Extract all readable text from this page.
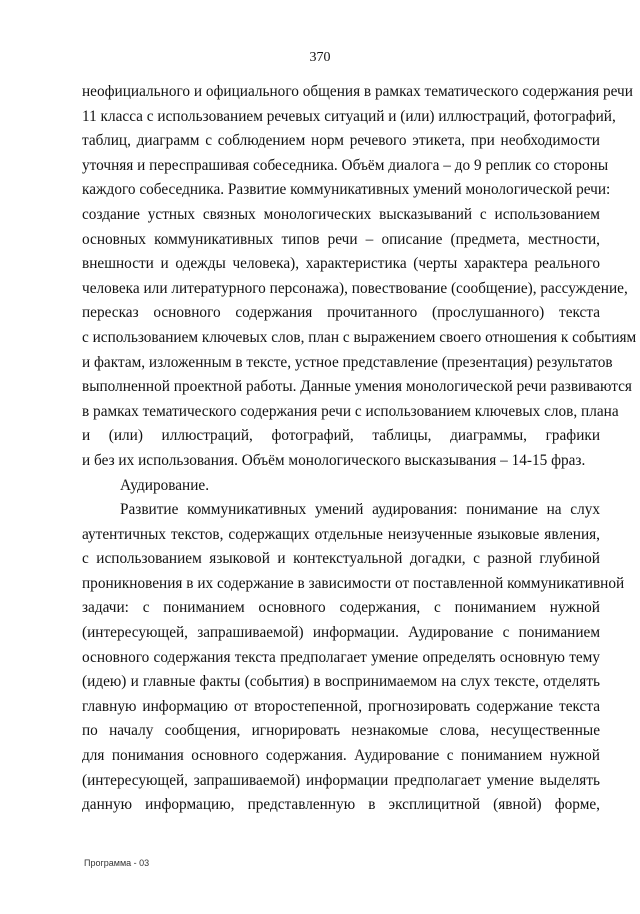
370
неофициального и официального общения в рамках тематического содержания речи
11 класса с использованием речевых ситуаций и (или) иллюстраций, фотографий,
таблиц, диаграмм с соблюдением норм речевого этикета, при необходимости
уточняя и переспрашивая собеседника. Объём диалога – до 9 реплик со стороны
каждого собеседника. Развитие коммуникативных умений монологической речи:
создание устных связных монологических высказываний с использованием
основных коммуникативных типов речи – описание (предмета, местности,
внешности и одежды человека), характеристика (черты характера реального
человека или литературного персонажа), повествование (сообщение), рассуждение,
пересказ основного содержания прочитанного (прослушанного) текста
с использованием ключевых слов, план с выражением своего отношения к событиям
и фактам, изложенным в тексте, устное представление (презентация) результатов
выполненной проектной работы. Данные умения монологической речи развиваются
в рамках тематического содержания речи с использованием ключевых слов, плана
и (или) иллюстраций, фотографий, таблицы, диаграммы, графики
и без их использования. Объём монологического высказывания – 14-15 фраз.
Аудирование.
Развитие коммуникативных умений аудирования: понимание на слух
аутентичных текстов, содержащих отдельные неизученные языковые явления,
с использованием языковой и контекстуальной догадки, с разной глубиной
проникновения в их содержание в зависимости от поставленной коммуникативной
задачи: с пониманием основного содержания, с пониманием нужной
(интересующей, запрашиваемой) информации. Аудирование с пониманием
основного содержания текста предполагает умение определять основную тему
(идею) и главные факты (события) в воспринимаемом на слух тексте, отделять
главную информацию от второстепенной, прогнозировать содержание текста
по началу сообщения, игнорировать незнакомые слова, несущественные
для понимания основного содержания. Аудирование с пониманием нужной
(интересующей, запрашиваемой) информации предполагает умение выделять
данную информацию, представленную в эксплицитной (явной) форме,
Программа - 03
